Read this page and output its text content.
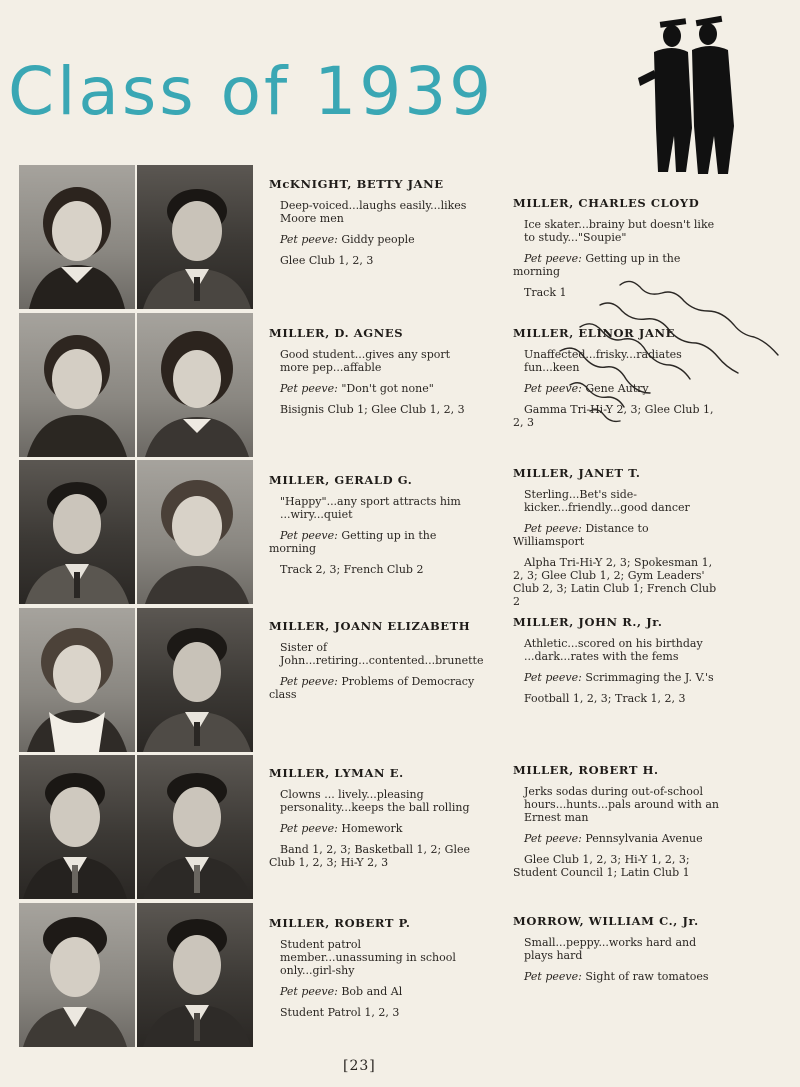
Class of 1939
McKNIGHT, BETTY JANE

Deep-voiced...laughs easily...likes Moore men

Pet peeve: Giddy people

Glee Club 1, 2, 3

MILLER, D. AGNES

Good student...gives any sport more pep...affable

Pet peeve: "Don't got none"

Bisignis Club 1; Glee Club 1, 2, 3

MILLER, GERALD G.

"Happy"...any sport attracts him ...wiry...quiet

Pet peeve: Getting up in the morning

Track 2, 3; French Club 2

MILLER, JOANN ELIZABETH

Sister of John...retiring...contented...brunette

Pet peeve: Problems of Democracy class

MILLER, LYMAN E.

Clowns ... lively...pleasing personality...keeps the ball rolling

Pet peeve: Homework

Band 1, 2, 3; Basketball 1, 2; Glee Club 1, 2, 3; Hi-Y 2, 3

MILLER, ROBERT P.

Student patrol member...unassuming in school only...girl-shy

Pet peeve: Bob and Al

Student Patrol 1, 2, 3

MILLER, CHARLES CLOYD

Ice skater...brainy but doesn't like to study..."Soupie"

Pet peeve: Getting up in the morning

Track 1

MILLER, ELINOR JANE

Unaffected...frisky...radiates fun...keen

Pet peeve: Gene Autry

Gamma Tri-Hi-Y 2, 3; Glee Club 1, 2, 3

MILLER, JANET T.

Sterling...Bet's side-kicker...friendly...good dancer

Pet peeve: Distance to Williamsport

Alpha Tri-Hi-Y 2, 3; Spokesman 1, 2, 3; Glee Club 1, 2; Gym Leaders' Club 2, 3; Latin Club 1; French Club 2

MILLER, JOHN R., Jr.

Athletic...scored on his birthday ...dark...rates with the fems

Pet peeve: Scrimmaging the J. V.'s

Football 1, 2, 3; Track 1, 2, 3

MILLER, ROBERT H.

Jerks sodas during out-of-school hours...hunts...pals around with an Ernest man

Pet peeve: Pennsylvania Avenue

Glee Club 1, 2, 3; Hi-Y 1, 2, 3; Student Council 1; Latin Club 1

MORROW, WILLIAM C., Jr.

Small...peppy...works hard and plays hard

Pet peeve: Sight of raw tomatoes

[23]
